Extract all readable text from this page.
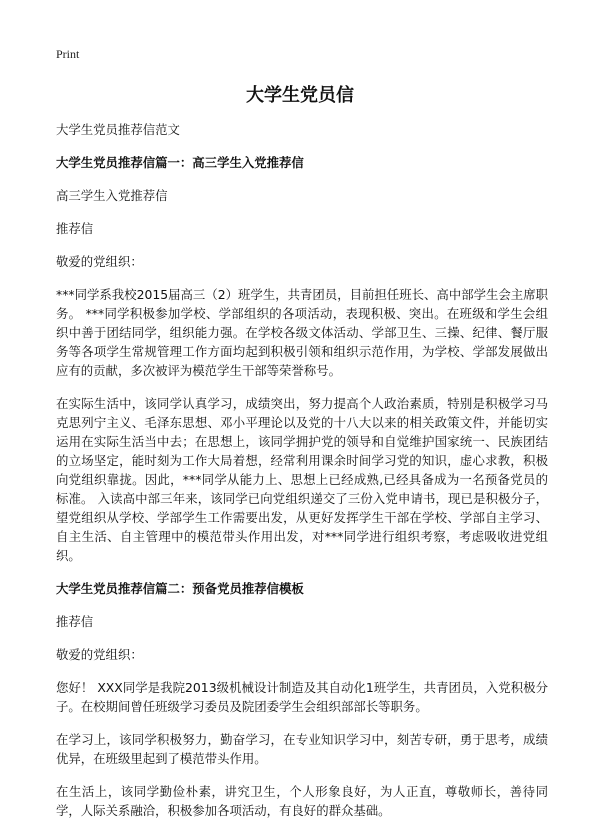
Print
大学生党员信

大学生党员推荐信范文

大学生党员推荐信篇一：高三学生入党推荐信

高三学生入党推荐信

推荐信

敬爱的党组织：

***同学系我校2015届高三（2）班学生，共青团员，目前担任班长、高中部学生会主席职务。 ***同学积极参加学校、学部组织的各项活动，表现积极、突出。在班级和学生会组织中善于团结同学，组织能力强。在学校各级文体活动、学部卫生、三操、纪律、餐厅服务等各项学生常规管理工作方面均起到积极引领和组织示范作用，为学校、学部发展做出应有的贡献，多次被评为模范学生干部等荣誉称号。

在实际生活中，该同学认真学习，成绩突出，努力提高个人政治素质，特别是积极学习马克思列宁主义、毛泽东思想、邓小平理论以及党的十八大以来的相关政策文件，并能切实运用在实际生活当中去；在思想上，该同学拥护党的领导和自觉维护国家统一、民族团结的立场坚定，能时刻为工作大局着想，经常利用课余时间学习党的知识，虚心求教，积极向党组织靠拢。因此，***同学从能力上、思想上已经成熟,已经具备成为一名预备党员的标准。 入读高中部三年来，该同学已向党组织递交了三份入党申请书，现已是积极分子，望党组织从学校、学部学生工作需要出发，从更好发挥学生干部在学校、学部自主学习、自主生活、自主管理中的模范带头作用出发，对***同学进行组织考察，考虑吸收进党组织。

大学生党员推荐信篇二：预备党员推荐信模板

推荐信

敬爱的党组织：

您好！ XXX同学是我院2013级机械设计制造及其自动化1班学生，共青团员，入党积极分子。在校期间曾任班级学习委员及院团委学生会组织部部长等职务。

在学习上，该同学积极努力，勤奋学习，在专业知识学习中，刻苦专研，勇于思考，成绩优异，在班级里起到了模范带头作用。

在生活上，该同学勤俭朴素，讲究卫生，个人形象良好，为人正直，尊敬师长，善待同学，人际关系融洽，积极参加各项活动，有良好的群众基础。
